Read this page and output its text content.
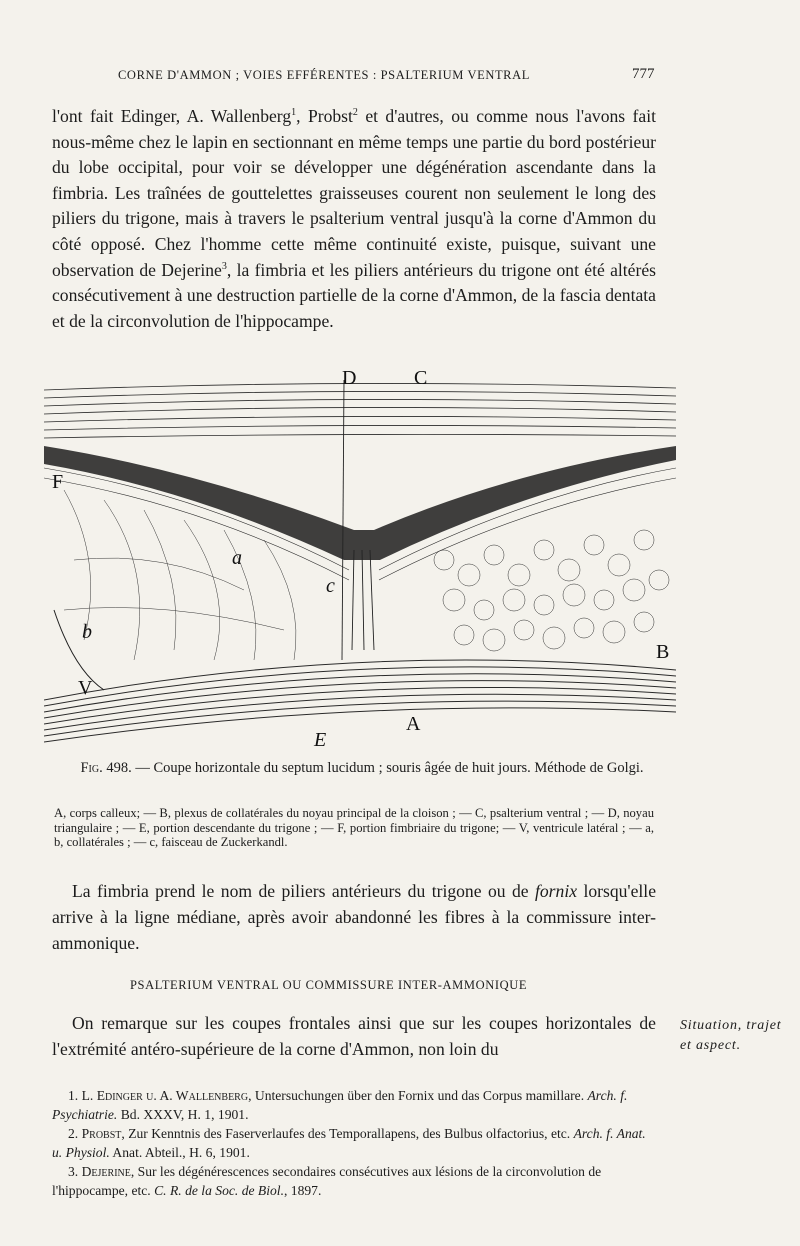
CORNE D'AMMON ; VOIES EFFÉRENTES : PSALTERIUM VENTRAL	777

l'ont fait Edinger, A. Wallenberg$^1$, Probst$^2$ et d'autres, ou comme nous l'avons fait nous-même chez le lapin en sectionnant en même temps une partie du bord postérieur du lobe occipital, pour voir se développer une dégénération ascendante dans la fimbria. Les traînées de gouttelettes graisseuses courent non seulement le long des piliers du trigone, mais à travers le psalterium ventral jusqu'à la corne d'Ammon du côté opposé. Chez l'homme cette même continuité existe, puisque, suivant une observation de Dejerine$^3$, la fimbria et les piliers antérieurs du trigone ont été altérés consécutivement à une destruction partielle de la corne d'Ammon, de la fascia dentata et de la circonvolution de l'hippocampe.

D	C
F
a
c
b
V
B
A
E
Fig. 498. — Coupe horizontale du septum lucidum ; souris âgée de huit jours. Méthode de Golgi.
A, corps calleux; — B, plexus de collatérales du noyau principal de la cloison ; — C, psalterium ventral ; — D, noyau triangulaire ; — E, portion descendante du trigone ; — F, portion fimbriaire du trigone; — V, ventricule latéral ; — a, b, collatérales ; — c, faisceau de Zuckerkandl.

La fimbria prend le nom de piliers antérieurs du trigone ou de fornix lorsqu'elle arrive à la ligne médiane, après avoir abandonné les fibres à la commissure inter-ammonique.

PSALTERIUM VENTRAL OU COMMISSURE INTER-AMMONIQUE

On remarque sur les coupes frontales ainsi que sur les coupes horizontales de l'extrémité antéro-supérieure de la corne d'Ammon, non loin du

Situation, trajet et aspect.
1. L. Edinger u. A. Wallenberg, Untersuchungen über den Fornix und das Corpus mamillare. Arch. f. Psychiatrie. Bd. XXXV, H. 1, 1901.
2. Probst, Zur Kenntnis des Faserverlaufes des Temporallapens, des Bulbus olfactorius, etc. Arch. f. Anat. u. Physiol. Anat. Abteil., H. 6, 1901.
3. Dejerine, Sur les dégénérescences secondaires consécutives aux lésions de la circonvolution de l'hippocampe, etc. C. R. de la Soc. de Biol., 1897.
